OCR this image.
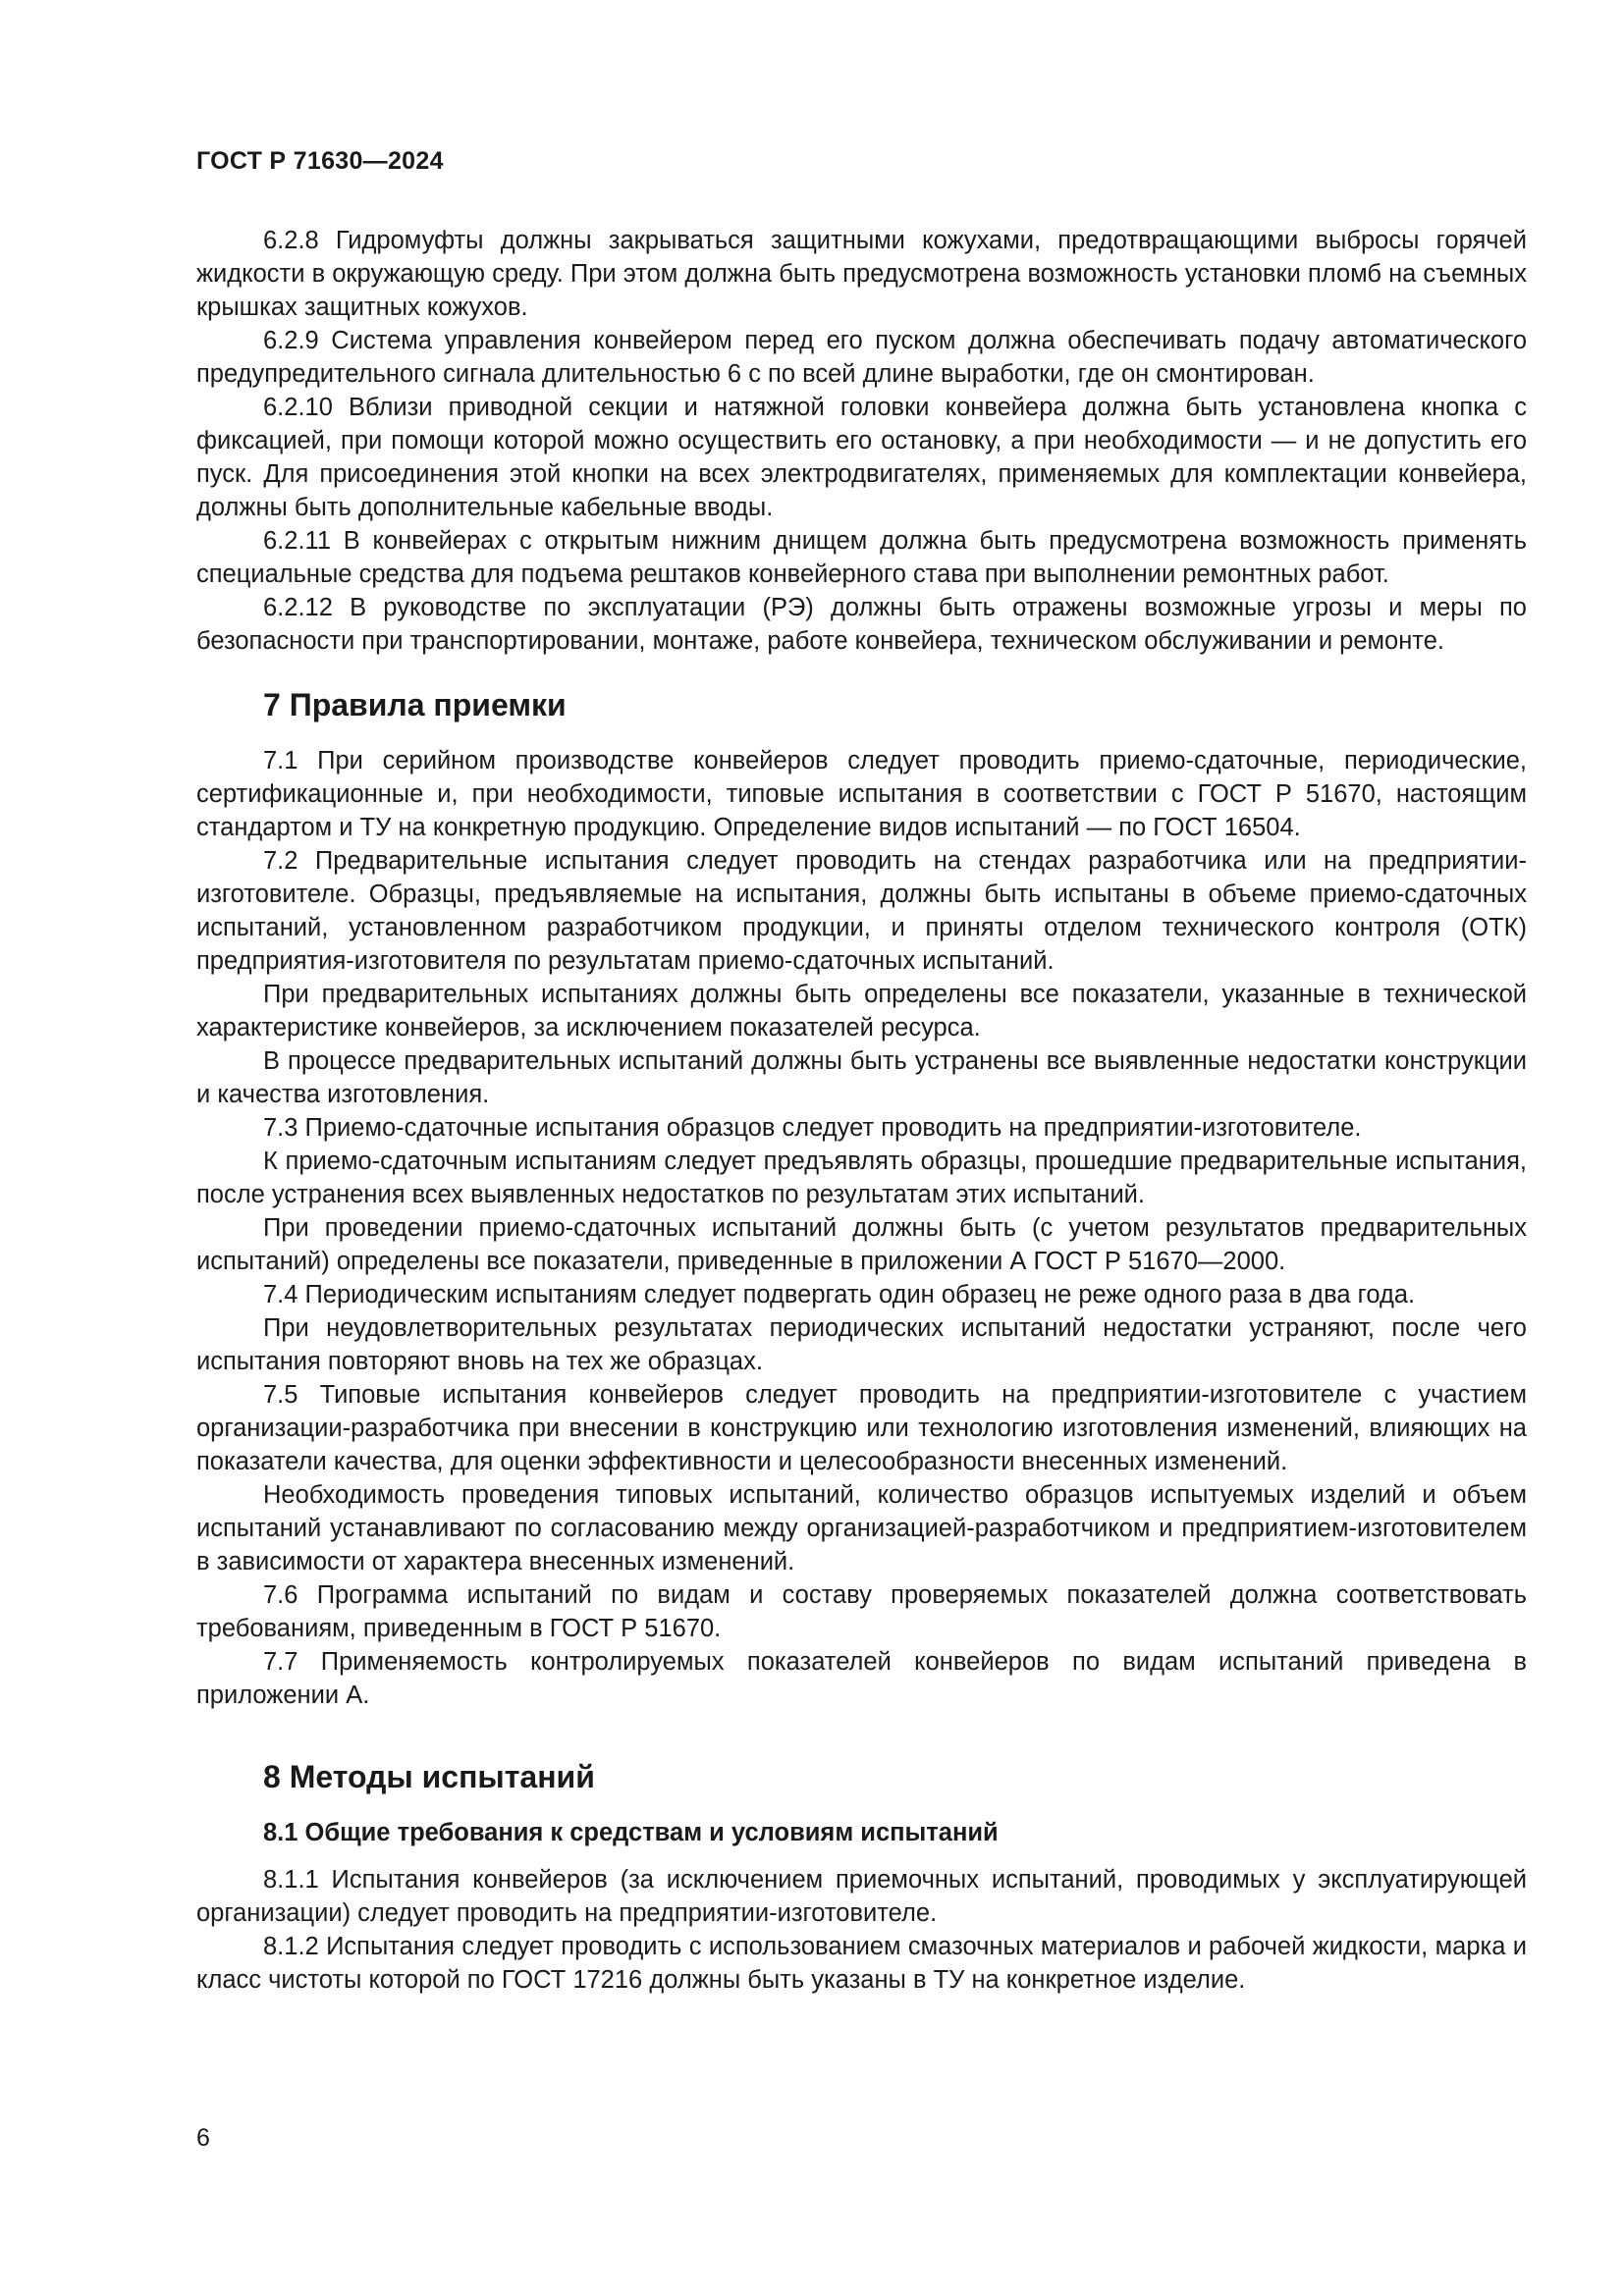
ГОСТ Р 71630—2024

6.2.8 Гидромуфты должны закрываться защитными кожухами, предотвращающими выбросы горячей жидкости в окружающую среду. При этом должна быть предусмотрена возможность установки пломб на съемных крышках защитных кожухов.

6.2.9 Система управления конвейером перед его пуском должна обеспечивать подачу автоматического предупредительного сигнала длительностью 6 с по всей длине выработки, где он смонтирован.

6.2.10 Вблизи приводной секции и натяжной головки конвейера должна быть установлена кнопка с фиксацией, при помощи которой можно осуществить его остановку, а при необходимости — и не допустить его пуск. Для присоединения этой кнопки на всех электродвигателях, применяемых для комплектации конвейера, должны быть дополнительные кабельные вводы.

6.2.11 В конвейерах с открытым нижним днищем должна быть предусмотрена возможность применять специальные средства для подъема рештаков конвейерного става при выполнении ремонтных работ.

6.2.12 В руководстве по эксплуатации (РЭ) должны быть отражены возможные угрозы и меры по безопасности при транспортировании, монтаже, работе конвейера, техническом обслуживании и ремонте.

7 Правила приемки

7.1 При серийном производстве конвейеров следует проводить приемо-сдаточные, периодические, сертификационные и, при необходимости, типовые испытания в соответствии с ГОСТ Р 51670, настоящим стандартом и ТУ на конкретную продукцию. Определение видов испытаний — по ГОСТ 16504.

7.2 Предварительные испытания следует проводить на стендах разработчика или на предприятии-изготовителе. Образцы, предъявляемые на испытания, должны быть испытаны в объеме приемо-сдаточных испытаний, установленном разработчиком продукции, и приняты отделом технического контроля (ОТК) предприятия-изготовителя по результатам приемо-сдаточных испытаний.

При предварительных испытаниях должны быть определены все показатели, указанные в технической характеристике конвейеров, за исключением показателей ресурса.

В процессе предварительных испытаний должны быть устранены все выявленные недостатки конструкции и качества изготовления.

7.3 Приемо-сдаточные испытания образцов следует проводить на предприятии-изготовителе.

К приемо-сдаточным испытаниям следует предъявлять образцы, прошедшие предварительные испытания, после устранения всех выявленных недостатков по результатам этих испытаний.

При проведении приемо-сдаточных испытаний должны быть (с учетом результатов предварительных испытаний) определены все показатели, приведенные в приложении А ГОСТ Р 51670—2000.

7.4 Периодическим испытаниям следует подвергать один образец не реже одного раза в два года.

При неудовлетворительных результатах периодических испытаний недостатки устраняют, после чего испытания повторяют вновь на тех же образцах.

7.5 Типовые испытания конвейеров следует проводить на предприятии-изготовителе с участием организации-разработчика при внесении в конструкцию или технологию изготовления изменений, влияющих на показатели качества, для оценки эффективности и целесообразности внесенных изменений.

Необходимость проведения типовых испытаний, количество образцов испытуемых изделий и объем испытаний устанавливают по согласованию между организацией-разработчиком и предприятием-изготовителем в зависимости от характера внесенных изменений.

7.6 Программа испытаний по видам и составу проверяемых показателей должна соответствовать требованиям, приведенным в ГОСТ Р 51670.

7.7 Применяемость контролируемых показателей конвейеров по видам испытаний приведена в приложении А.

8 Методы испытаний
8.1 Общие требования к средствам и условиям испытаний

8.1.1 Испытания конвейеров (за исключением приемочных испытаний, проводимых у эксплуатирующей организации) следует проводить на предприятии-изготовителе.

8.1.2 Испытания следует проводить с использованием смазочных материалов и рабочей жидкости, марка и класс чистоты которой по ГОСТ 17216 должны быть указаны в ТУ на конкретное изделие.

6
